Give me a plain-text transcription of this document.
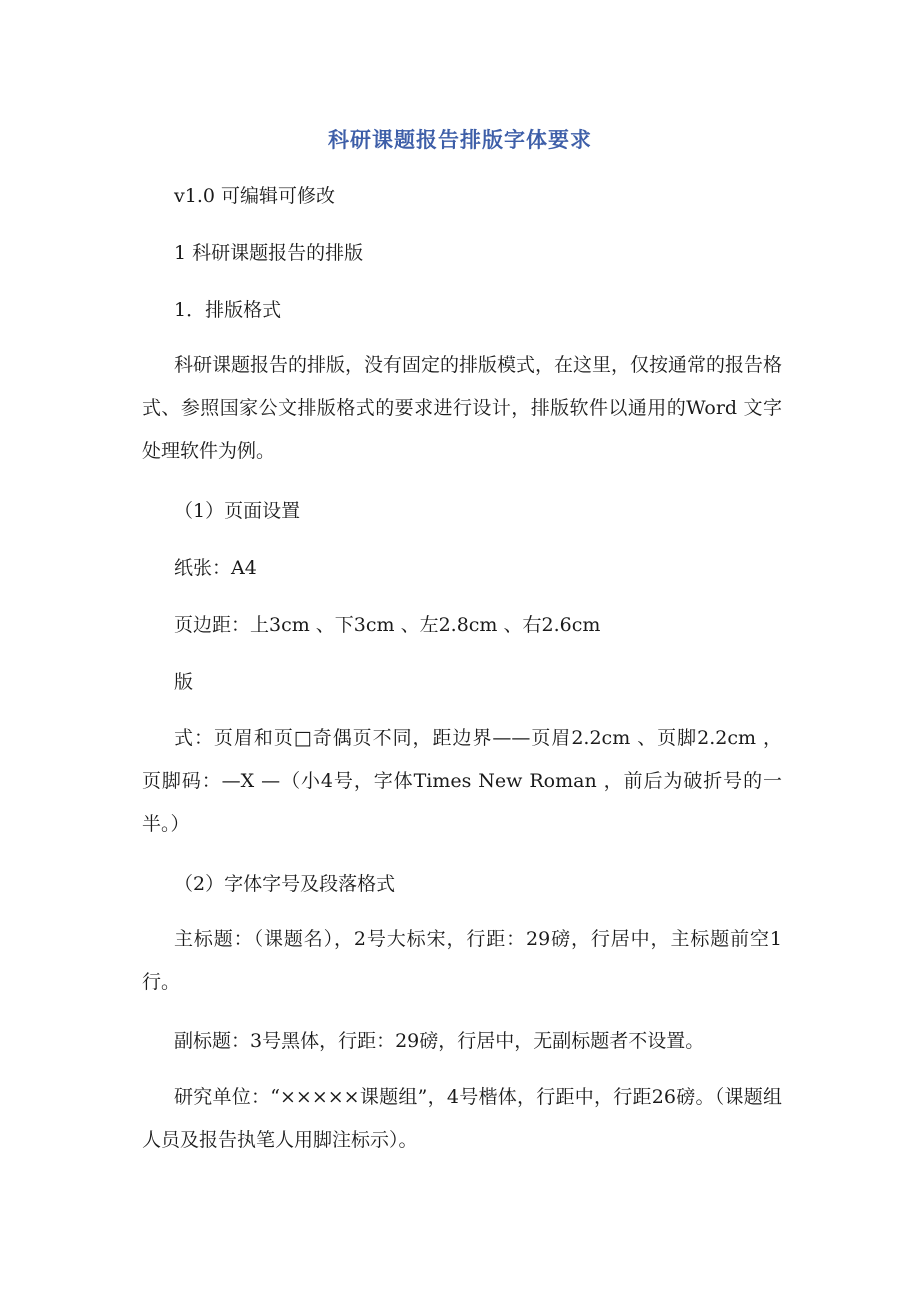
科研课题报告排版字体要求
v1.0 可编辑可修改
1 科研课题报告的排版
1．排版格式
科研课题报告的排版，没有固定的排版模式，在这里，仅按通常的报告格式、参照国家公文排版格式的要求进行设计，排版软件以通用的Word 文字处理软件为例。
（1）页面设置
纸张：A4
页边距：上3cm 、下3cm 、左2.8cm 、右2.6cm
版
式：页眉和页□奇偶页不同，距边界——页眉2.2cm 、页脚2.2cm ， 页脚码：—X —（小4号，字体Times New Roman ，前后为破折号的一半。）
（2）字体字号及段落格式
主标题：（课题名），2号大标宋，行距：29磅，行居中，主标题前空1行。
副标题：3号黑体，行距：29磅，行居中，无副标题者不设置。
研究单位：“×××××课题组”，4号楷体，行距中，行距26磅。（课题组人员及报告执笔人用脚注标示）。
